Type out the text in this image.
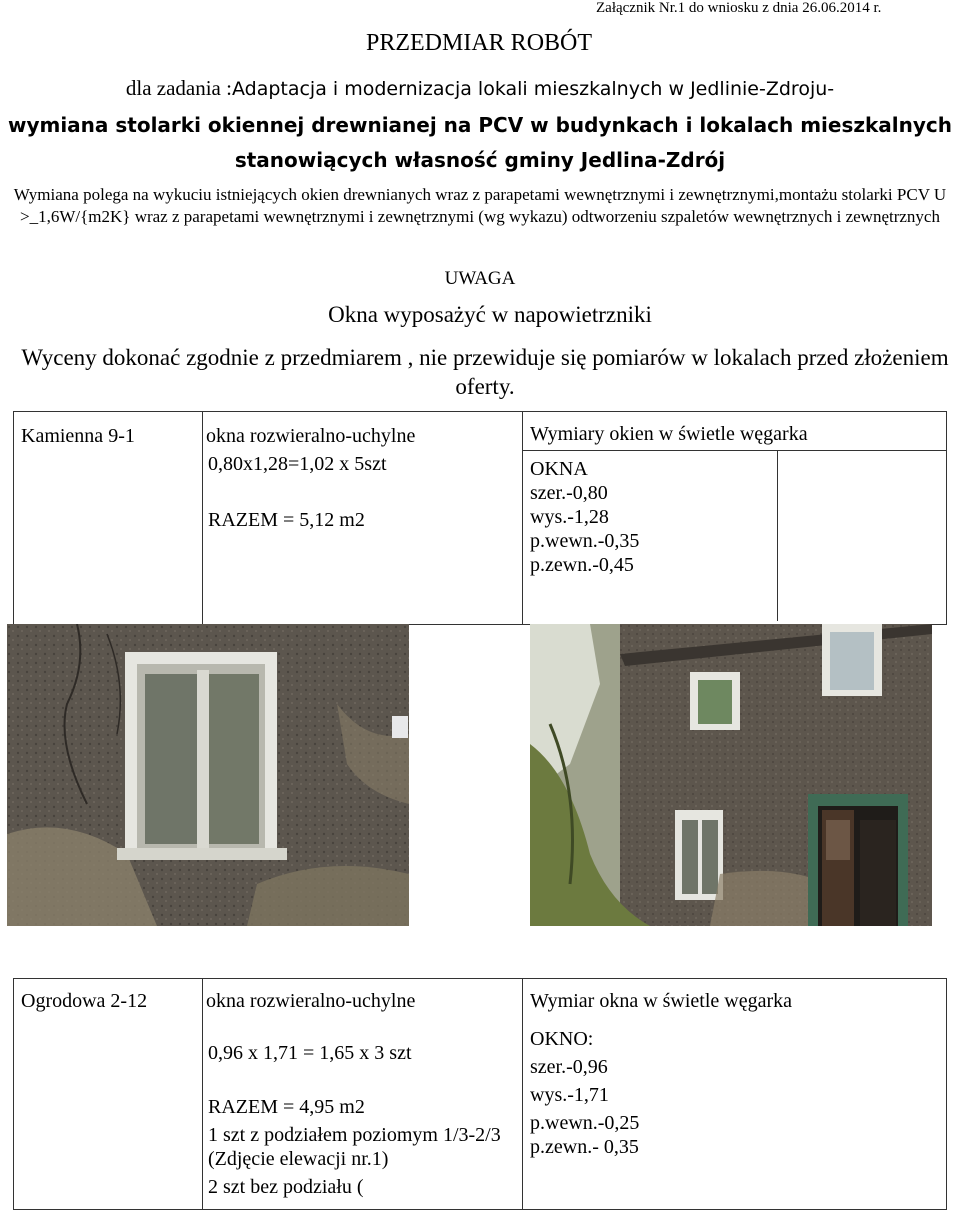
Załącznik Nr.1 do wniosku z dnia 26.06.2014 r.
PRZEDMIAR ROBÓT
dla zadania :Adaptacja i modernizacja lokali mieszkalnych w Jedlinie-Zdroju-
wymiana stolarki okiennej drewnianej na PCV w budynkach i lokalach mieszkalnych
stanowiących własność gminy Jedlina-Zdrój
Wymiana polega na wykuciu istniejących okien drewnianych wraz z parapetami wewnętrznymi i zewnętrznymi,montażu stolarki PCV U >_1,6W/{m2K} wraz z parapetami wewnętrznymi i zewnętrznymi (wg wykazu) odtworzeniu szpaletów wewnętrznych i zewnętrznych
UWAGA
Okna wyposażyć w napowietrzniki
Wyceny dokonać zgodnie z przedmiarem , nie przewiduje się pomiarów w lokalach przed złożeniem oferty.
Kamienna 9-1	okna rozwieralno-uchylne
0,80x1,28=1,02 x 5szt
RAZEM = 5,12 m2

Wymiary okien w świetle węgarka
OKNA
szer.-0,80
wys.-1,28
p.wewn.-0,35
p.zewn.-0,45
Ogrodowa 2-12	okna rozwieralno-uchylne
0,96 x 1,71 = 1,65 x 3 szt
RAZEM = 4,95 m2
1 szt z podziałem poziomym 1/3-2/3 (Zdjęcie elewacji nr.1)
2 szt bez podziału (

Wymiar okna w świetle węgarka
OKNO:
szer.-0,96
wys.-1,71
p.wewn.-0,25
p.zewn.- 0,35
